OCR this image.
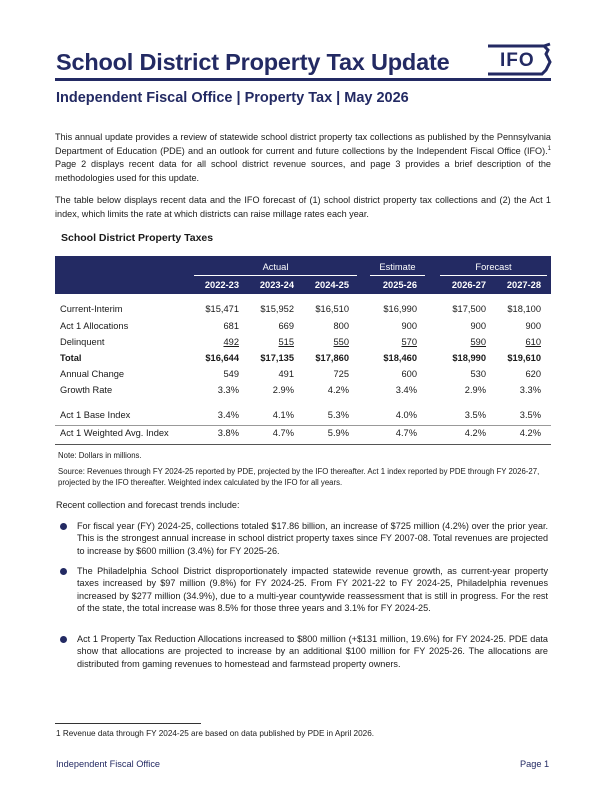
School District Property Tax Update	IFO
Independent Fiscal Office | Property Tax | May 2026

This annual update provides a review of statewide school district property tax collections as published by the Pennsylvania Department of Education (PDE) and an outlook for current and future collections by the Independent Fiscal Office (IFO).$^1$ Page 2 displays recent data for all school district revenue sources, and page 3 provides a brief description of the methodologies used for this update.

The table below displays recent data and the IFO forecast of (1) school district property tax collections and (2) the Act 1 index, which limits the rate at which districts can raise millage rates each year.

School District Property Taxes
Actual	Estimate	Forecast
2022-23	2023-24	2024-25	2025-26	2026-27	2027-28
Current-Interim	$15,471	$15,952	$16,510	$16,990	$17,500	$18,100
Act 1 Allocations	681	669	800	900	900	900
Delinquent	492	515	550	570	590	610
Total	$16,644	$17,135	$17,860	$18,460	$18,990	$19,610
Annual Change	549	491	725	600	530	620
Growth Rate	3.3%	2.9%	4.2%	3.4%	2.9%	3.3%
Act 1 Base Index	3.4%	4.1%	5.3%	4.0%	3.5%	3.5%
Act 1 Weighted Avg. Index	3.8%	4.7%	5.9%	4.7%	4.2%	4.2%

Note: Dollars in millions.

Source: Revenues through FY 2024-25 reported by PDE, projected by the IFO thereafter. Act 1 index reported by PDE through FY 2026-27, projected by the IFO thereafter. Weighted index calculated by the IFO for all years.

Recent collection and forecast trends include:

For fiscal year (FY) 2024-25, collections totaled $17.86 billion, an increase of $725 million (4.2%) over the prior year. This is the strongest annual increase in school district property taxes since FY 2007-08. Total revenues are projected to increase by $600 million (3.4%) for FY 2025-26.

The Philadelphia School District disproportionately impacted statewide revenue growth, as current-year property taxes increased by $97 million (9.8%) for FY 2024-25. From FY 2021-22 to FY 2024-25, Philadelphia revenues increased by $277 million (34.9%), due to a multi-year countywide reassessment that is still in progress. For the rest of the state, the total increase was 8.5% for those three years and 3.1% for FY 2024-25.

Act 1 Property Tax Reduction Allocations increased to $800 million (+$131 million, 19.6%) for FY 2024-25. PDE data show that allocations are projected to increase by an additional $100 million for FY 2025-26. The allocations are distributed from gaming revenues to homestead and farmstead property owners.

1 Revenue data through FY 2024-25 are based on data published by PDE in April 2026.
Independent Fiscal Office	Page 1
